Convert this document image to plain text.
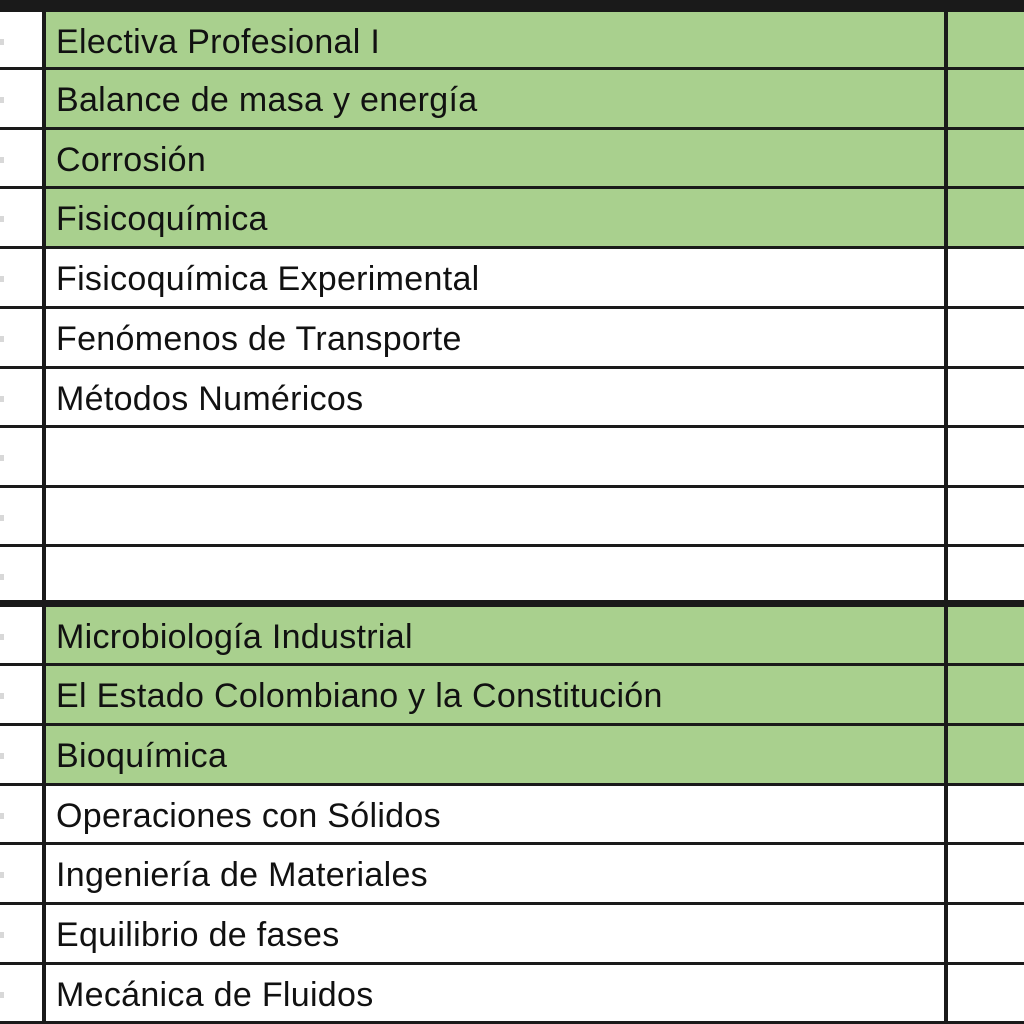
Electiva Profesional I
Balance de masa y energía
Corrosión
Fisicoquímica
Fisicoquímica Experimental
Fenómenos de Transporte
Métodos Numéricos
Microbiología Industrial
El Estado Colombiano y la Constitución
Bioquímica
Operaciones con Sólidos
Ingeniería de Materiales
Equilibrio de fases
Mecánica de Fluidos
